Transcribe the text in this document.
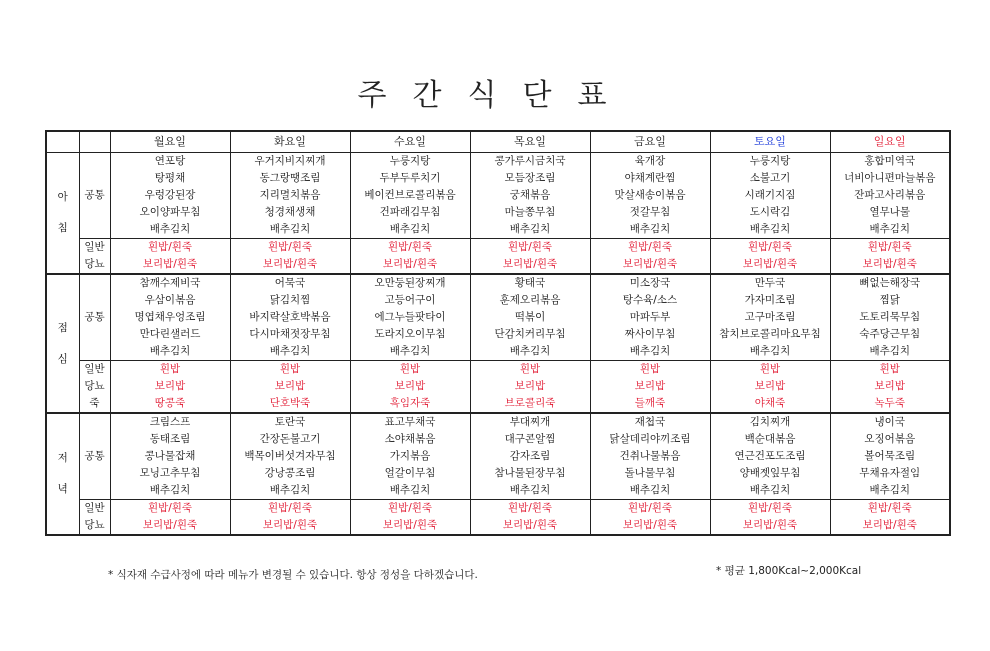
주간식단표
		월요일	화요일	수요일	목요일	금요일	토요일	일요일

아
침	공통	연포탕	우거지비지찌개	누룽지탕	콩가루시금치국	육개장	누룽지탕	홍합미역국
		탕평채	동그랑땡조림	두부두루치기	모듬장조림	야채계란찜	소불고기	너비아니편마늘볶음
		우렁강된장	지리멸치볶음	베이컨브로콜리볶음	궁채볶음	맛살새송이볶음	시래기지짐	잔파고사리볶음
		오이양파무침	청경채생채	건파래김무침	마늘쫑무침	젓갈무침	도시락김	열무나물
		배추김치	배추김치	배추김치	배추김치	배추김치	배추김치	배추김치
	일반	흰밥/흰죽	흰밥/흰죽	흰밥/흰죽	흰밥/흰죽	흰밥/흰죽	흰밥/흰죽	흰밥/흰죽
	당뇨	보리밥/흰죽	보리밥/흰죽	보리밥/흰죽	보리밥/흰죽	보리밥/흰죽	보리밥/흰죽	보리밥/흰죽

점
심	공통	참깨수제비국	어묵국	오만둥된장찌개	황태국	미소장국	만두국	뼈없는해장국
		우삼이볶음	닭김치찜	고등어구이	훈제오리볶음	탕수육/소스	가자미조림	찜닭
		명엽채우엉조림	바지락살호박볶음	에그누들팟타이	떡볶이	마파두부	고구마조림	도토리묵무침
		만다린샐러드	다시마채젓장무침	도라지오이무침	단감치커리무침	짜사이무침	참치브로콜리마요무침	숙주당근무침
		배추김치	배추김치	배추김치	배추김치	배추김치	배추김치	배추김치
	일반	흰밥	흰밥	흰밥	흰밥	흰밥	흰밥	흰밥
	당뇨	보리밥	보리밥	보리밥	보리밥	보리밥	보리밥	보리밥
	죽	땅콩죽	단호박죽	흑임자죽	브로콜리죽	들깨죽	야채죽	녹두죽

저
녁	공통	크림스프	토란국	표고무채국	부대찌개	재첩국	김치찌개	냉이국
		동태조림	간장돈불고기	소야채볶음	대구콘알찜	닭살데리야끼조림	백순대볶음	오징어볶음
		콩나물잡채	백목이버섯겨자무침	가지볶음	감자조림	건취나물볶음	연근건포도조림	볼어묵조림
		모닝고추무침	강낭콩조림	얼갈이무침	참나물된장무침	돌나물무침	양배젯잎무침	무채유자절임
		배추김치	배추김치	배추김치	배추김치	배추김치	배추김치	배추김치
	일반	흰밥/흰죽	흰밥/흰죽	흰밥/흰죽	흰밥/흰죽	흰밥/흰죽	흰밥/흰죽	흰밥/흰죽
	당뇨	보리밥/흰죽	보리밥/흰죽	보리밥/흰죽	보리밥/흰죽	보리밥/흰죽	보리밥/흰죽	보리밥/흰죽
* 식자재 수급사정에 따라 메뉴가 변경될 수 있습니다. 항상 정성을 다하겠습니다.	* 평균 1,800Kcal~2,000Kcal
